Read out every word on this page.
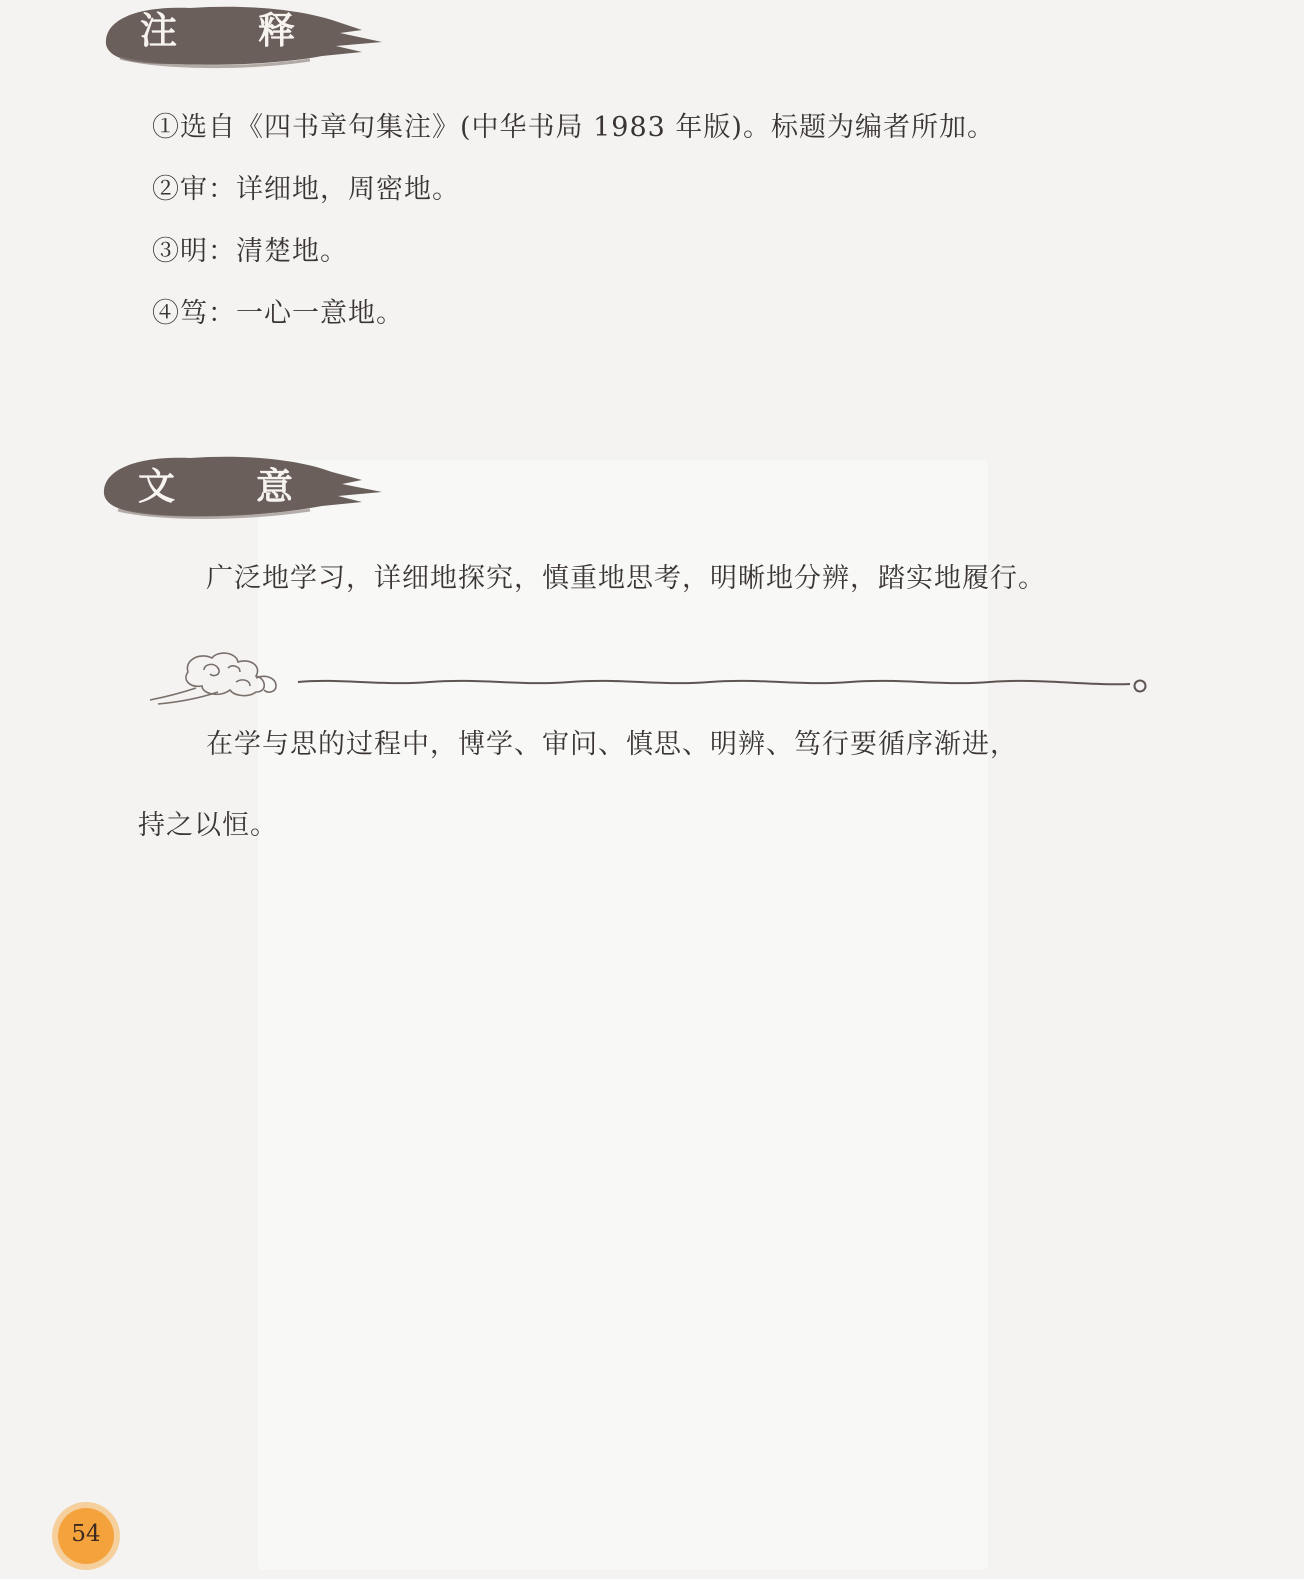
注 释
①选自《四书章句集注》(中华书局 1983 年版)。标题为编者所加。
②审：详细地，周密地。
③明：清楚地。
④笃：一心一意地。
文 意
广泛地学习，详细地探究，慎重地思考，明晰地分辨，踏实地履行。
在学与思的过程中，博学、审问、慎思、明辨、笃行要循序渐进，
持之以恒。
54
